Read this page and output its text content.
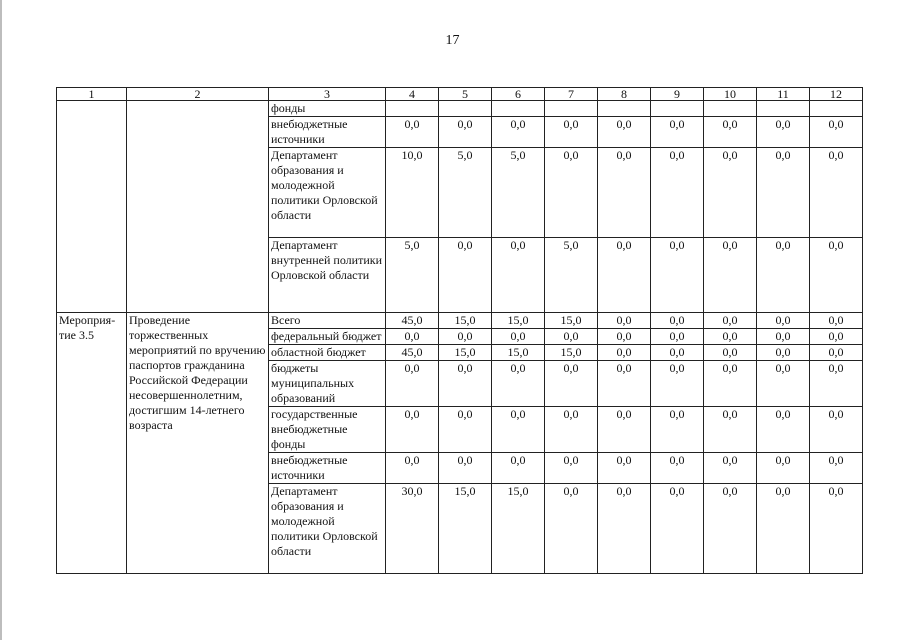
17
1	2	3	4	5	6	7	8	9	10	11	12
		фонды									
		внебюджетные источники	0,0	0,0	0,0	0,0	0,0	0,0	0,0	0,0	0,0
		Департамент образования и молодежной политики Орловской области	10,0	5,0	5,0	0,0	0,0	0,0	0,0	0,0	0,0
		Департамент внутренней политики Орловской области	5,0	0,0	0,0	5,0	0,0	0,0	0,0	0,0	0,0
Мероприя-тие 3.5	Проведение торжественных мероприятий по вручению паспортов гражданина Российской Федерации несовершеннолетним, достигшим 14-летнего возраста	Всего	45,0	15,0	15,0	15,0	0,0	0,0	0,0	0,0	0,0
		федеральный бюджет	0,0	0,0	0,0	0,0	0,0	0,0	0,0	0,0	0,0
		областной бюджет	45,0	15,0	15,0	15,0	0,0	0,0	0,0	0,0	0,0
		бюджеты муниципальных образований	0,0	0,0	0,0	0,0	0,0	0,0	0,0	0,0	0,0
		государственные внебюджетные фонды	0,0	0,0	0,0	0,0	0,0	0,0	0,0	0,0	0,0
		внебюджетные источники	0,0	0,0	0,0	0,0	0,0	0,0	0,0	0,0	0,0
		Департамент образования и молодежной политики Орловской области	30,0	15,0	15,0	0,0	0,0	0,0	0,0	0,0	0,0
